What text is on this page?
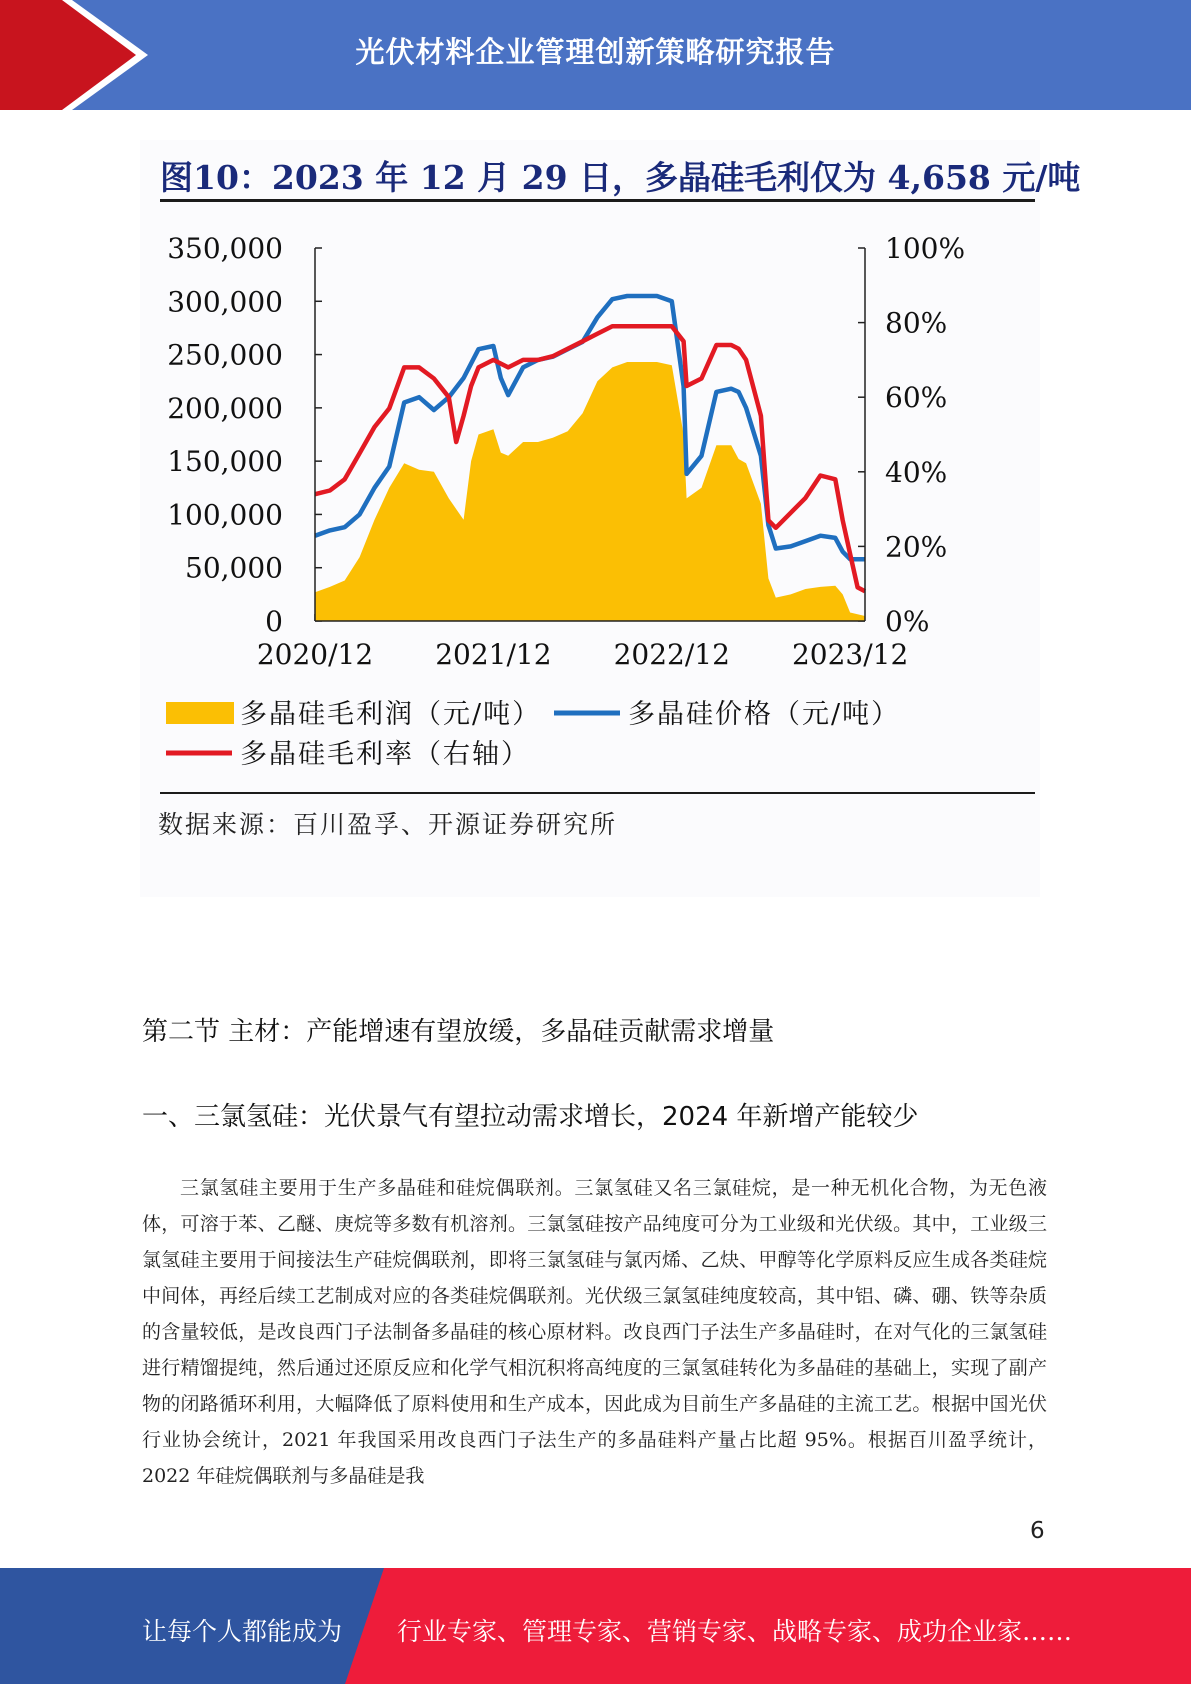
光伏材料企业管理创新策略研究报告
图10：2023 年 12 月 29 日，多晶硅毛利仅为 4,658 元/吨
350,000
300,000
250,000
200,000
150,000
100,000
50,000
0
100%
80%
60%
40%
20%
0%
2020/12 2021/12 2022/12 2023/12
多晶硅毛利润（元/吨）	多晶硅价格（元/吨）
多晶硅毛利率（右轴）
数据来源：百川盈孚、开源证券研究所
第二节 主材：产能增速有望放缓，多晶硅贡献需求增量
一、三氯氢硅：光伏景气有望拉动需求增长，2024 年新增产能较少

三氯氢硅主要用于生产多晶硅和硅烷偶联剂。三氯氢硅又名三氯硅烷，是一种无机化合物，为无色液体，可溶于苯、乙醚、庚烷等多数有机溶剂。三氯氢硅按产品纯度可分为工业级和光伏级。其中，工业级三氯氢硅主要用于间接法生产硅烷偶联剂，即将三氯氢硅与氯丙烯、乙炔、甲醇等化学原料反应生成各类硅烷中间体，再经后续工艺制成对应的各类硅烷偶联剂。光伏级三氯氢硅纯度较高，其中铝、磷、硼、铁等杂质的含量较低，是改良西门子法制备多晶硅的核心原材料。改良西门子法生产多晶硅时，在对气化的三氯氢硅进行精馏提纯，然后通过还原反应和化学气相沉积将高纯度的三氯氢硅转化为多晶硅的基础上，实现了副产物的闭路循环利用，大幅降低了原料使用和生产成本，因此成为目前生产多晶硅的主流工艺。根据中国光伏行业协会统计，2021 年我国采用改良西门子法生产的多晶硅料产量占比超 95%。根据百川盈孚统计，2022 年硅烷偶联剂与多晶硅是我

6
让每个人都能成为 行业专家、管理专家、营销专家、战略专家、成功企业家……
